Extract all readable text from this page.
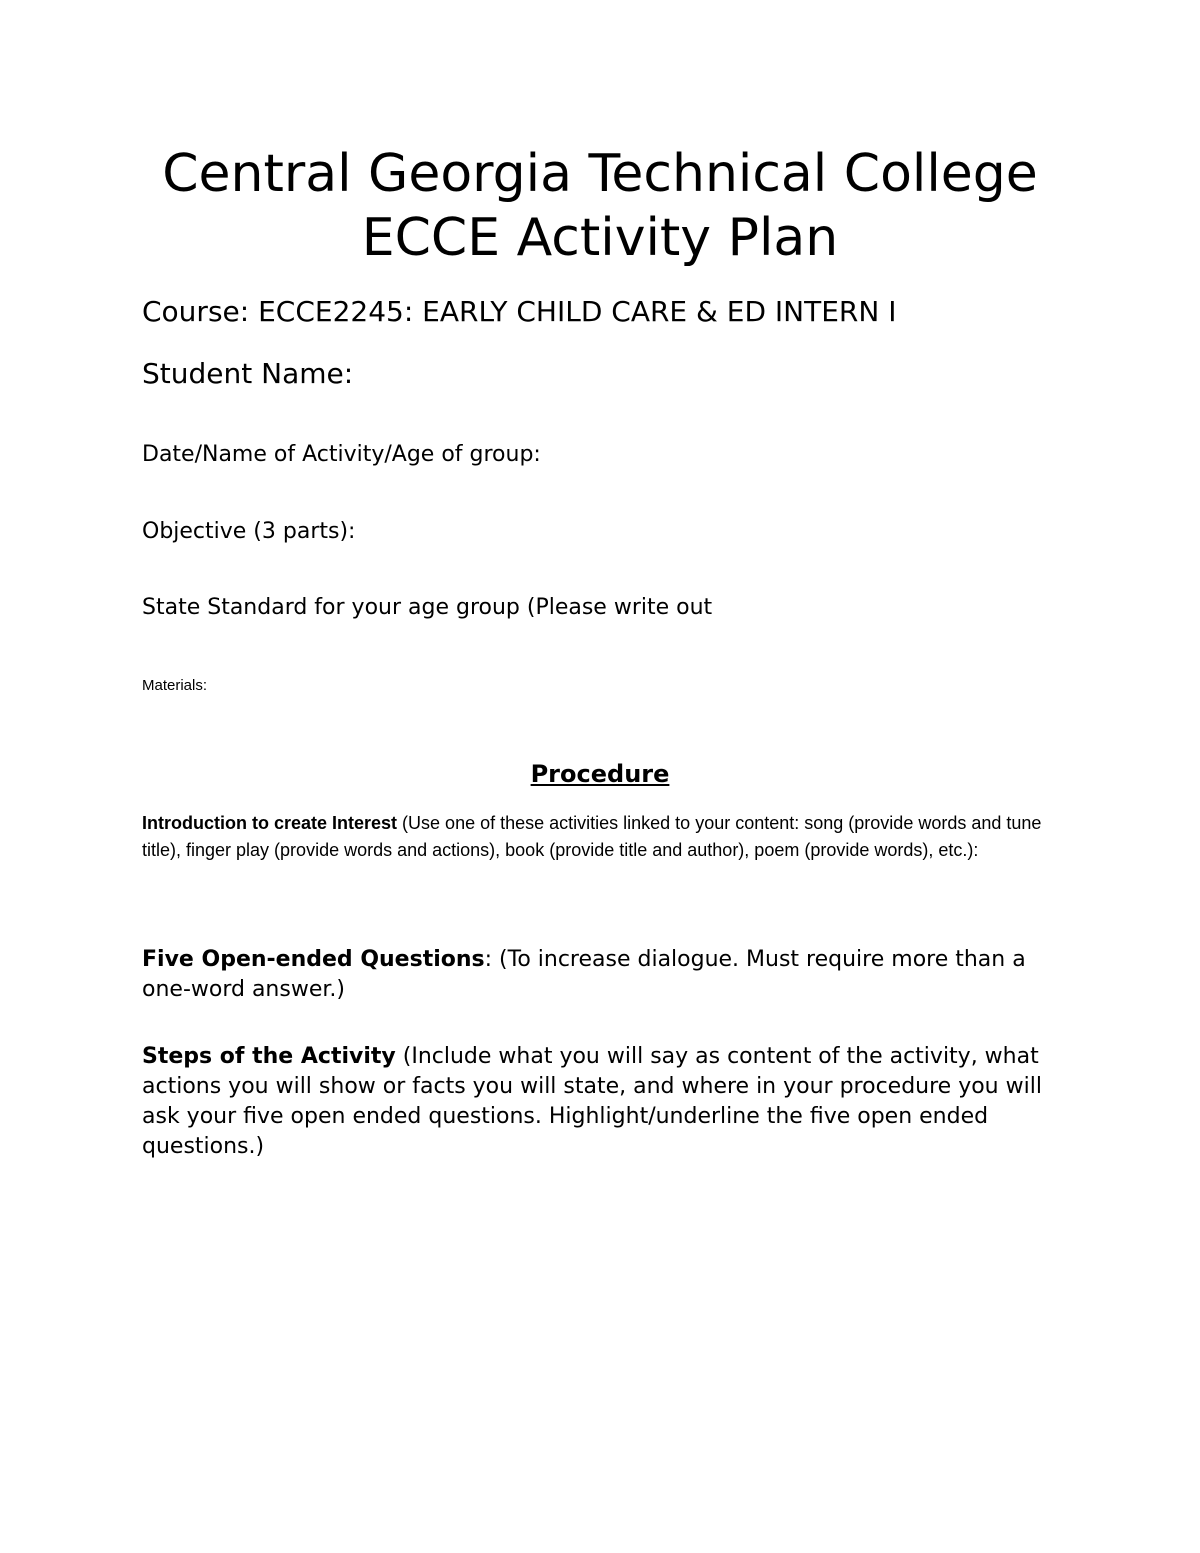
Central Georgia Technical College
ECCE Activity Plan

Course: ECCE2245: EARLY CHILD CARE & ED INTERN I

Student Name:

Date/Name of Activity/Age of group:

Objective (3 parts):

State Standard for your age group (Please write out

Materials:

Procedure

Introduction to create Interest (Use one of these activities linked to your content: song (provide words and tune title), finger play (provide words and actions), book (provide title and author), poem (provide words), etc.):

Five Open-ended Questions: (To increase dialogue. Must require more than a one-word answer.)

Steps of the Activity (Include what you will say as content of the activity, what actions you will show or facts you will state, and where in your procedure you will ask your five open ended questions. Highlight/underline the five open ended questions.)
